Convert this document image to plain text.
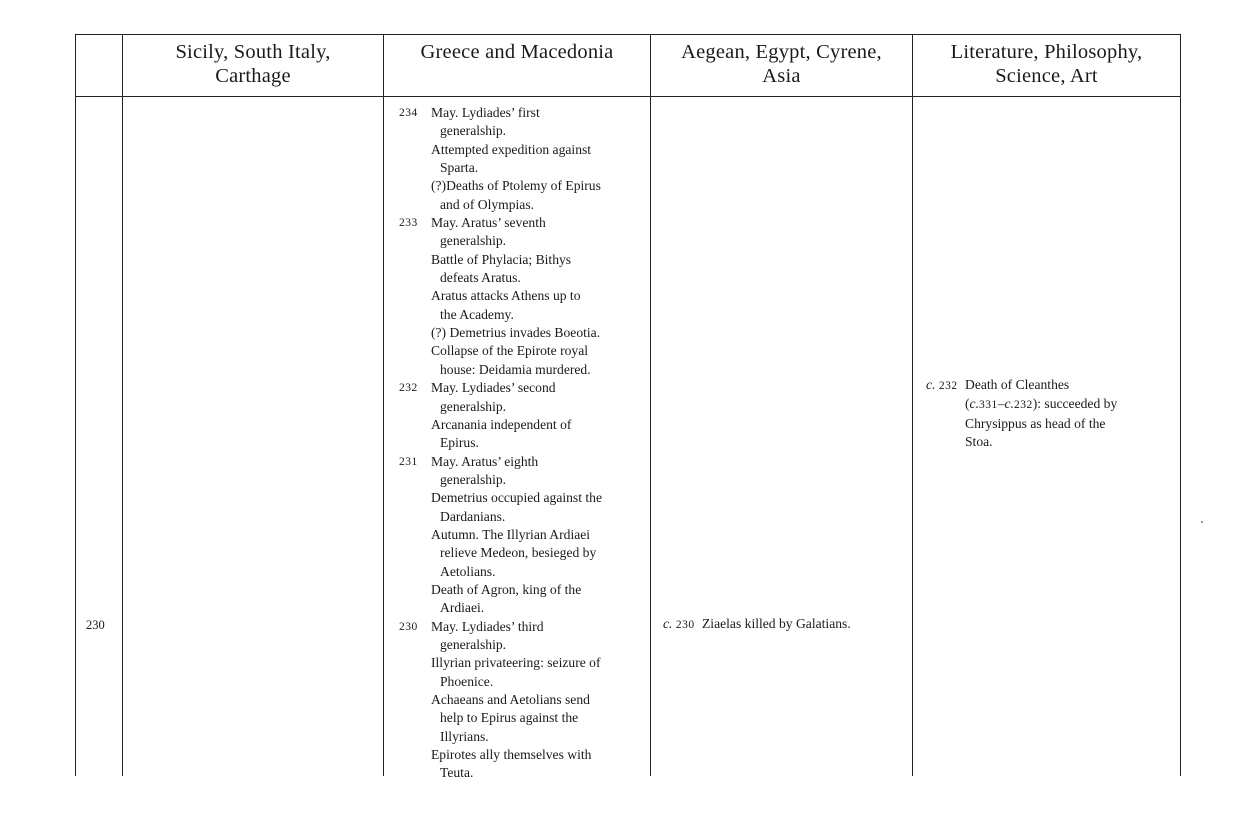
Sicily, South Italy,
Carthage
Greece and Macedonia	Aegean, Egypt, Cyrene,
Asia
Literature, Philosophy,
Science, Art
230
234 May. Lydiades’ first
generalship.
Attempted expedition against
Sparta.
(?)Deaths of Ptolemy of Epirus
and of Olympias.
233 May. Aratus’ seventh
generalship.
Battle of Phylacia; Bithys
defeats Aratus.
Aratus attacks Athens up to
the Academy.
(?) Demetrius invades Boeotia.
Collapse of the Epirote royal
house: Deidamia murdered.
232 May. Lydiades’ second
generalship.
Arcanania independent of
Epirus.
231 May. Aratus’ eighth
generalship.
Demetrius occupied against the
Dardanians.
Autumn. The Illyrian Ardiaei
relieve Medeon, besieged by
Aetolians.
Death of Agron, king of the
Ardiaei.
230 May. Lydiades’ third
generalship.
Illyrian privateering: seizure of
Phoenice.
Achaeans and Aetolians send
help to Epirus against the
Illyrians.
Epirotes ally themselves with
Teuta.
c. 230 Ziaelas killed by Galatians.
c. 232 Death of Cleanthes
(c.331–c.232): succeeded by
Chrysippus as head of the
Stoa.
